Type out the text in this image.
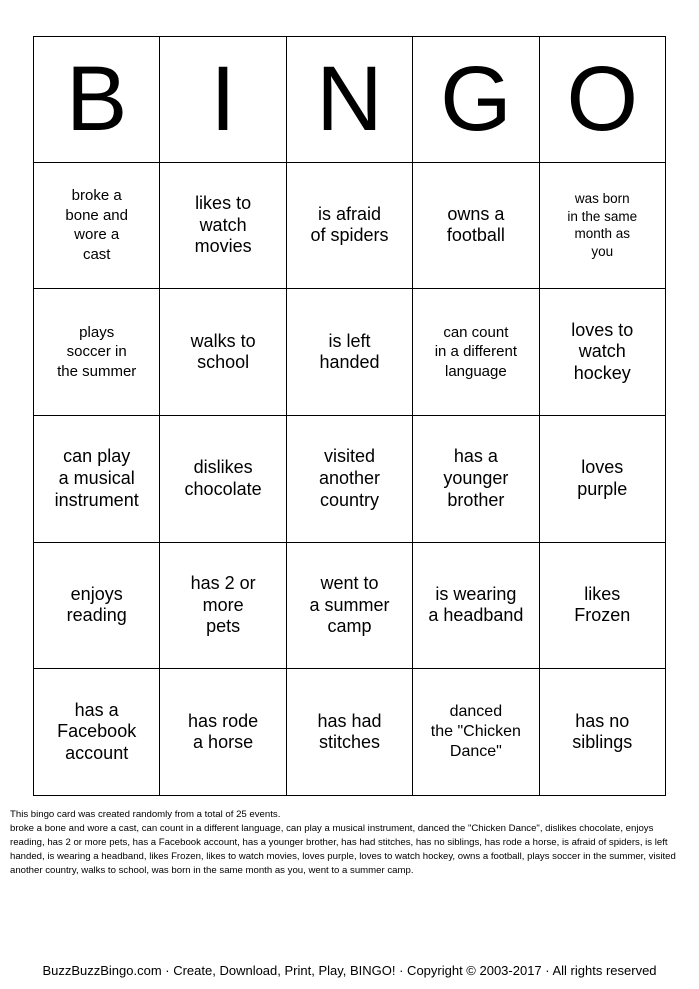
B	I	N	G	O
broke a
bone and
wore a
cast	likes to
watch
movies	is afraid
of spiders	owns a
football	was born
in the same
month as
you
plays
soccer in
the summer	walks to
school	is left
handed	can count
in a different
language	loves to
watch
hockey
can play
a musical
instrument	dislikes
chocolate	visited
another
country	has a
younger
brother	loves
purple
enjoys
reading	has 2 or
more
pets	went to
a summer
camp	is wearing
a headband	likes
Frozen
has a
Facebook
account	has rode
a horse	has had
stitches	danced
the "Chicken
Dance"	has no
siblings

This bingo card was created randomly from a total of 25 events.

broke a bone and wore a cast, can count in a different language, can play a musical instrument, danced the "Chicken Dance", dislikes chocolate, enjoys reading, has 2 or more pets, has a Facebook account, has a younger brother, has had stitches, has no siblings, has rode a horse, is afraid of spiders, is left handed, is wearing a headband, likes Frozen, likes to watch movies, loves purple, loves to watch hockey, owns a football, plays soccer in the summer, visited another country, walks to school, was born in the same month as you, went to a summer camp.

BuzzBuzzBingo.com · Create, Download, Print, Play, BINGO! · Copyright © 2003-2017 · All rights reserved
